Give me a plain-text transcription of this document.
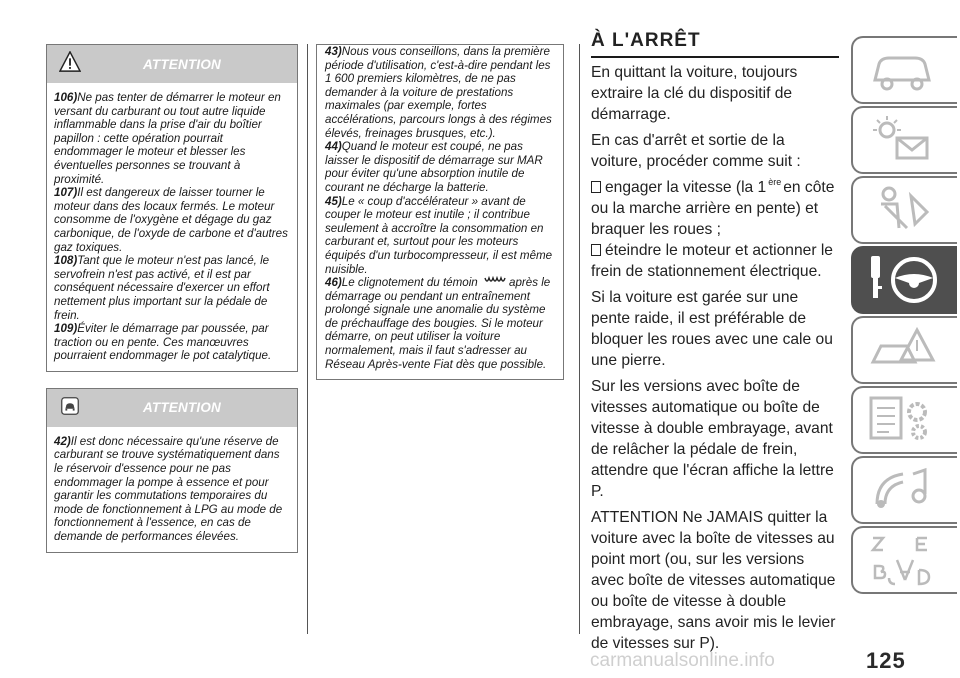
ATTENTION

106)Ne pas tenter de démarrer le moteur en versant du carburant ou tout autre liquide inflammable dans la prise d'air du boîtier papillon : cette opération pourrait endommager le moteur et blesser les éventuelles personnes se trouvant à proximité.

107)Il est dangereux de laisser tourner le moteur dans des locaux fermés. Le moteur consomme de l'oxygène et dégage du gaz carbonique, de l'oxyde de carbone et d'autres gaz toxiques.

108)Tant que le moteur n'est pas lancé, le servofrein n'est pas activé, et il est par conséquent nécessaire d'exercer un effort nettement plus important sur la pédale de frein.

109)Éviter le démarrage par poussée, par traction ou en pente. Ces manœuvres pourraient endommager le pot catalytique.

ATTENTION

42)Il est donc nécessaire qu'une réserve de carburant se trouve systématiquement dans le réservoir d'essence pour ne pas endommager la pompe à essence et pour garantir les commutations temporaires du mode de fonctionnement à LPG au mode de fonctionnement à l'essence, en cas de demande de performances élevées.

43)Nous vous conseillons, dans la première période d'utilisation, c'est-à-dire pendant les 1 600 premiers kilomètres, de ne pas demander à la voiture de prestations maximales (par exemple, fortes accélérations, parcours longs à des régimes élevés, freinages brusques, etc.).

44)Quand le moteur est coupé, ne pas laisser le dispositif de démarrage sur MAR pour éviter qu'une absorption inutile de courant ne décharge la batterie.

45)Le « coup d'accélérateur » avant de couper le moteur est inutile ; il contribue seulement à accroître la consommation en carburant et, surtout pour les moteurs équipés d'un turbocompresseur, il est même nuisible.

46)Le clignotement du témoin	après le démarrage ou pendant un entraînement prolongé signale une anomalie du système de préchauffage des bougies. Si le moteur démarre, on peut utiliser la voiture normalement, mais il faut s'adresser au Réseau Après-vente Fiat dès que possible.

À L'ARRÊT

En quittant la voiture, toujours extraire la clé du dispositif de démarrage.

En cas d'arrêt et sortie de la voiture, procéder comme suit :

engager la vitesse (la 1 $^{ère}$ en côte ou la marche arrière en pente) et braquer les roues ;

éteindre le moteur et actionner le frein de stationnement électrique.

Si la voiture est garée sur une pente raide, il est préférable de bloquer les roues avec une cale ou une pierre.

Sur les versions avec boîte de vitesses automatique ou boîte de vitesse à double embrayage, avant de relâcher la pédale de frein, attendre que l'écran affiche la lettre P.

ATTENTION Ne JAMAIS quitter la voiture avec la boîte de vitesses au point mort (ou, sur les versions avec boîte de vitesses automatique ou boîte de vitesse à double embrayage, sans avoir mis le levier de vitesses sur P).

carmanualsonline.info	125
